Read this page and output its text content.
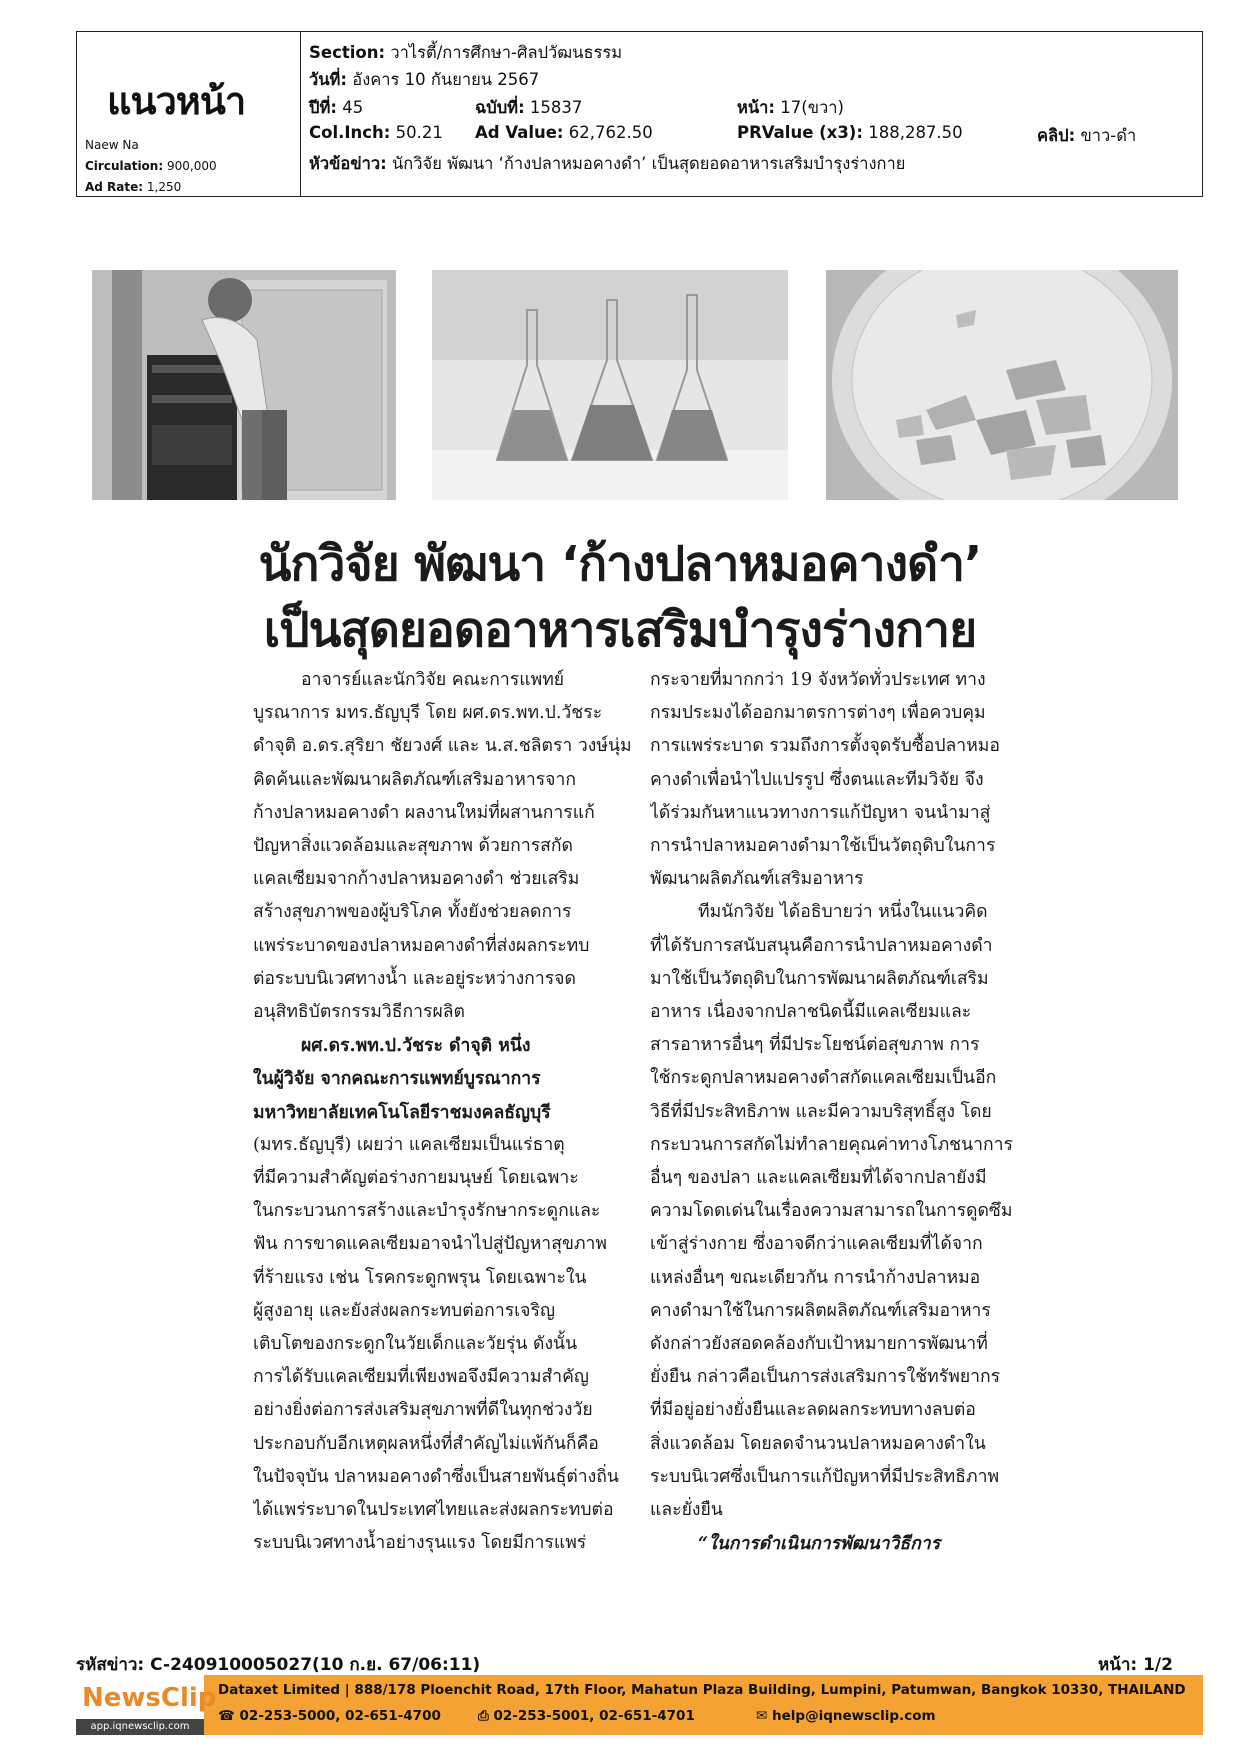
แนวหน้า
Naew Na
Circulation: 900,000
Ad Rate: 1,250
Section: วาไรตี้/การศึกษา-ศิลปวัฒนธรรม
วันที่: อังคาร 10 กันยายน 2567
ปีที่: 45	ฉบับที่: 15837	หน้า: 17(ขวา)
Col.Inch: 50.21 Ad Value: 62,762.50	PRValue (x3): 188,287.50	คลิป: ขาว-ดำ
หัวข้อข่าว: นักวิจัย พัฒนา ‘ก้างปลาหมอคางดำ’ เป็นสุดยอดอาหารเสริมบำรุงร่างกาย
นักวิจัย พัฒนา ‘ก้างปลาหมอคางดำ’
เป็นสุดยอดอาหารเสริมบำรุงร่างกาย
อาจารย์และนักวิจัย คณะการแพทย์
บูรณาการ มทร.ธัญบุรี โดย ผศ.ดร.พท.ป.วัชระ
ดำจุติ อ.ดร.สุริยา ชัยวงศ์ และ น.ส.ชลิตรา วงษ์นุ่ม
คิดค้นและพัฒนาผลิตภัณฑ์เสริมอาหารจาก
ก้างปลาหมอคางดำ ผลงานใหม่ที่ผสานการแก้
ปัญหาสิ่งแวดล้อมและสุขภาพ ด้วยการสกัด
แคลเซียมจากก้างปลาหมอคางดำ ช่วยเสริม
สร้างสุขภาพของผู้บริโภค ทั้งยังช่วยลดการ
แพร่ระบาดของปลาหมอคางดำที่ส่งผลกระทบ
ต่อระบบนิเวศทางน้ำ และอยู่ระหว่างการจด
อนุสิทธิบัตรกรรมวิธีการผลิต
ผศ.ดร.พท.ป.วัชระ ดำจุติ หนึ่ง
ในผู้วิจัย จากคณะการแพทย์บูรณาการ
มหาวิทยาลัยเทคโนโลยีราชมงคลธัญบุรี
(มทร.ธัญบุรี) เผยว่า แคลเซียมเป็นแร่ธาตุ
ที่มีความสำคัญต่อร่างกายมนุษย์ โดยเฉพาะ
ในกระบวนการสร้างและบำรุงรักษากระดูกและ
ฟัน การขาดแคลเซียมอาจนำไปสู่ปัญหาสุขภาพ
ที่ร้ายแรง เช่น โรคกระดูกพรุน โดยเฉพาะใน
ผู้สูงอายุ และยังส่งผลกระทบต่อการเจริญ
เติบโตของกระดูกในวัยเด็กและวัยรุ่น ดังนั้น
การได้รับแคลเซียมที่เพียงพอจึงมีความสำคัญ
อย่างยิ่งต่อการส่งเสริมสุขภาพที่ดีในทุกช่วงวัย
ประกอบกับอีกเหตุผลหนึ่งที่สำคัญไม่แพ้กันก็คือ
ในปัจจุบัน ปลาหมอคางดำซึ่งเป็นสายพันธุ์ต่างถิ่น
ได้แพร่ระบาดในประเทศไทยและส่งผลกระทบต่อ
ระบบนิเวศทางน้ำอย่างรุนแรง โดยมีการแพร่
กระจายที่มากกว่า 19 จังหวัดทั่วประเทศ ทาง
กรมประมงได้ออกมาตรการต่างๆ เพื่อควบคุม
การแพร่ระบาด รวมถึงการตั้งจุดรับซื้อปลาหมอ
คางดำเพื่อนำไปแปรรูป ซึ่งตนและทีมวิจัย จึง
ได้ร่วมกันหาแนวทางการแก้ปัญหา จนนำมาสู่
การนำปลาหมอคางดำมาใช้เป็นวัตถุดิบในการ
พัฒนาผลิตภัณฑ์เสริมอาหาร
ทีมนักวิจัย ได้อธิบายว่า หนึ่งในแนวคิด
ที่ได้รับการสนับสนุนคือการนำปลาหมอคางดำ
มาใช้เป็นวัตถุดิบในการพัฒนาผลิตภัณฑ์เสริม
อาหาร เนื่องจากปลาชนิดนี้มีแคลเซียมและ
สารอาหารอื่นๆ ที่มีประโยชน์ต่อสุขภาพ การ
ใช้กระดูกปลาหมอคางดำสกัดแคลเซียมเป็นอีก
วิธีที่มีประสิทธิภาพ และมีความบริสุทธิ์สูง โดย
กระบวนการสกัดไม่ทำลายคุณค่าทางโภชนาการ
อื่นๆ ของปลา และแคลเซียมที่ได้จากปลายังมี
ความโดดเด่นในเรื่องความสามารถในการดูดซึม
เข้าสู่ร่างกาย ซึ่งอาจดีกว่าแคลเซียมที่ได้จาก
แหล่งอื่นๆ ขณะเดียวกัน การนำก้างปลาหมอ
คางดำมาใช้ในการผลิตผลิตภัณฑ์เสริมอาหาร
ดังกล่าวยังสอดคล้องกับเป้าหมายการพัฒนาที่
ยั่งยืน กล่าวคือเป็นการส่งเสริมการใช้ทรัพยากร
ที่มีอยู่อย่างยั่งยืนและลดผลกระทบทางลบต่อ
สิ่งแวดล้อม โดยลดจำนวนปลาหมอคางดำใน
ระบบนิเวศซึ่งเป็นการแก้ปัญหาที่มีประสิทธิภาพ
และยั่งยืน
“ในการดำเนินการพัฒนาวิธีการ
รหัสข่าว: C-240910005027(10 ก.ย. 67/06:11)	หน้า: 1/2
NewsClip
app.iqnewsclip.com
Dataxet Limited | 888/178 Ploenchit Road, 17th Floor, Mahatun Plaza Building, Lumpini, Patumwan, Bangkok 10330, THAILAND
☎ 02-253-5000, 02-651-4700	⎙ 02-253-5001, 02-651-4701	✉ help@iqnewsclip.com
